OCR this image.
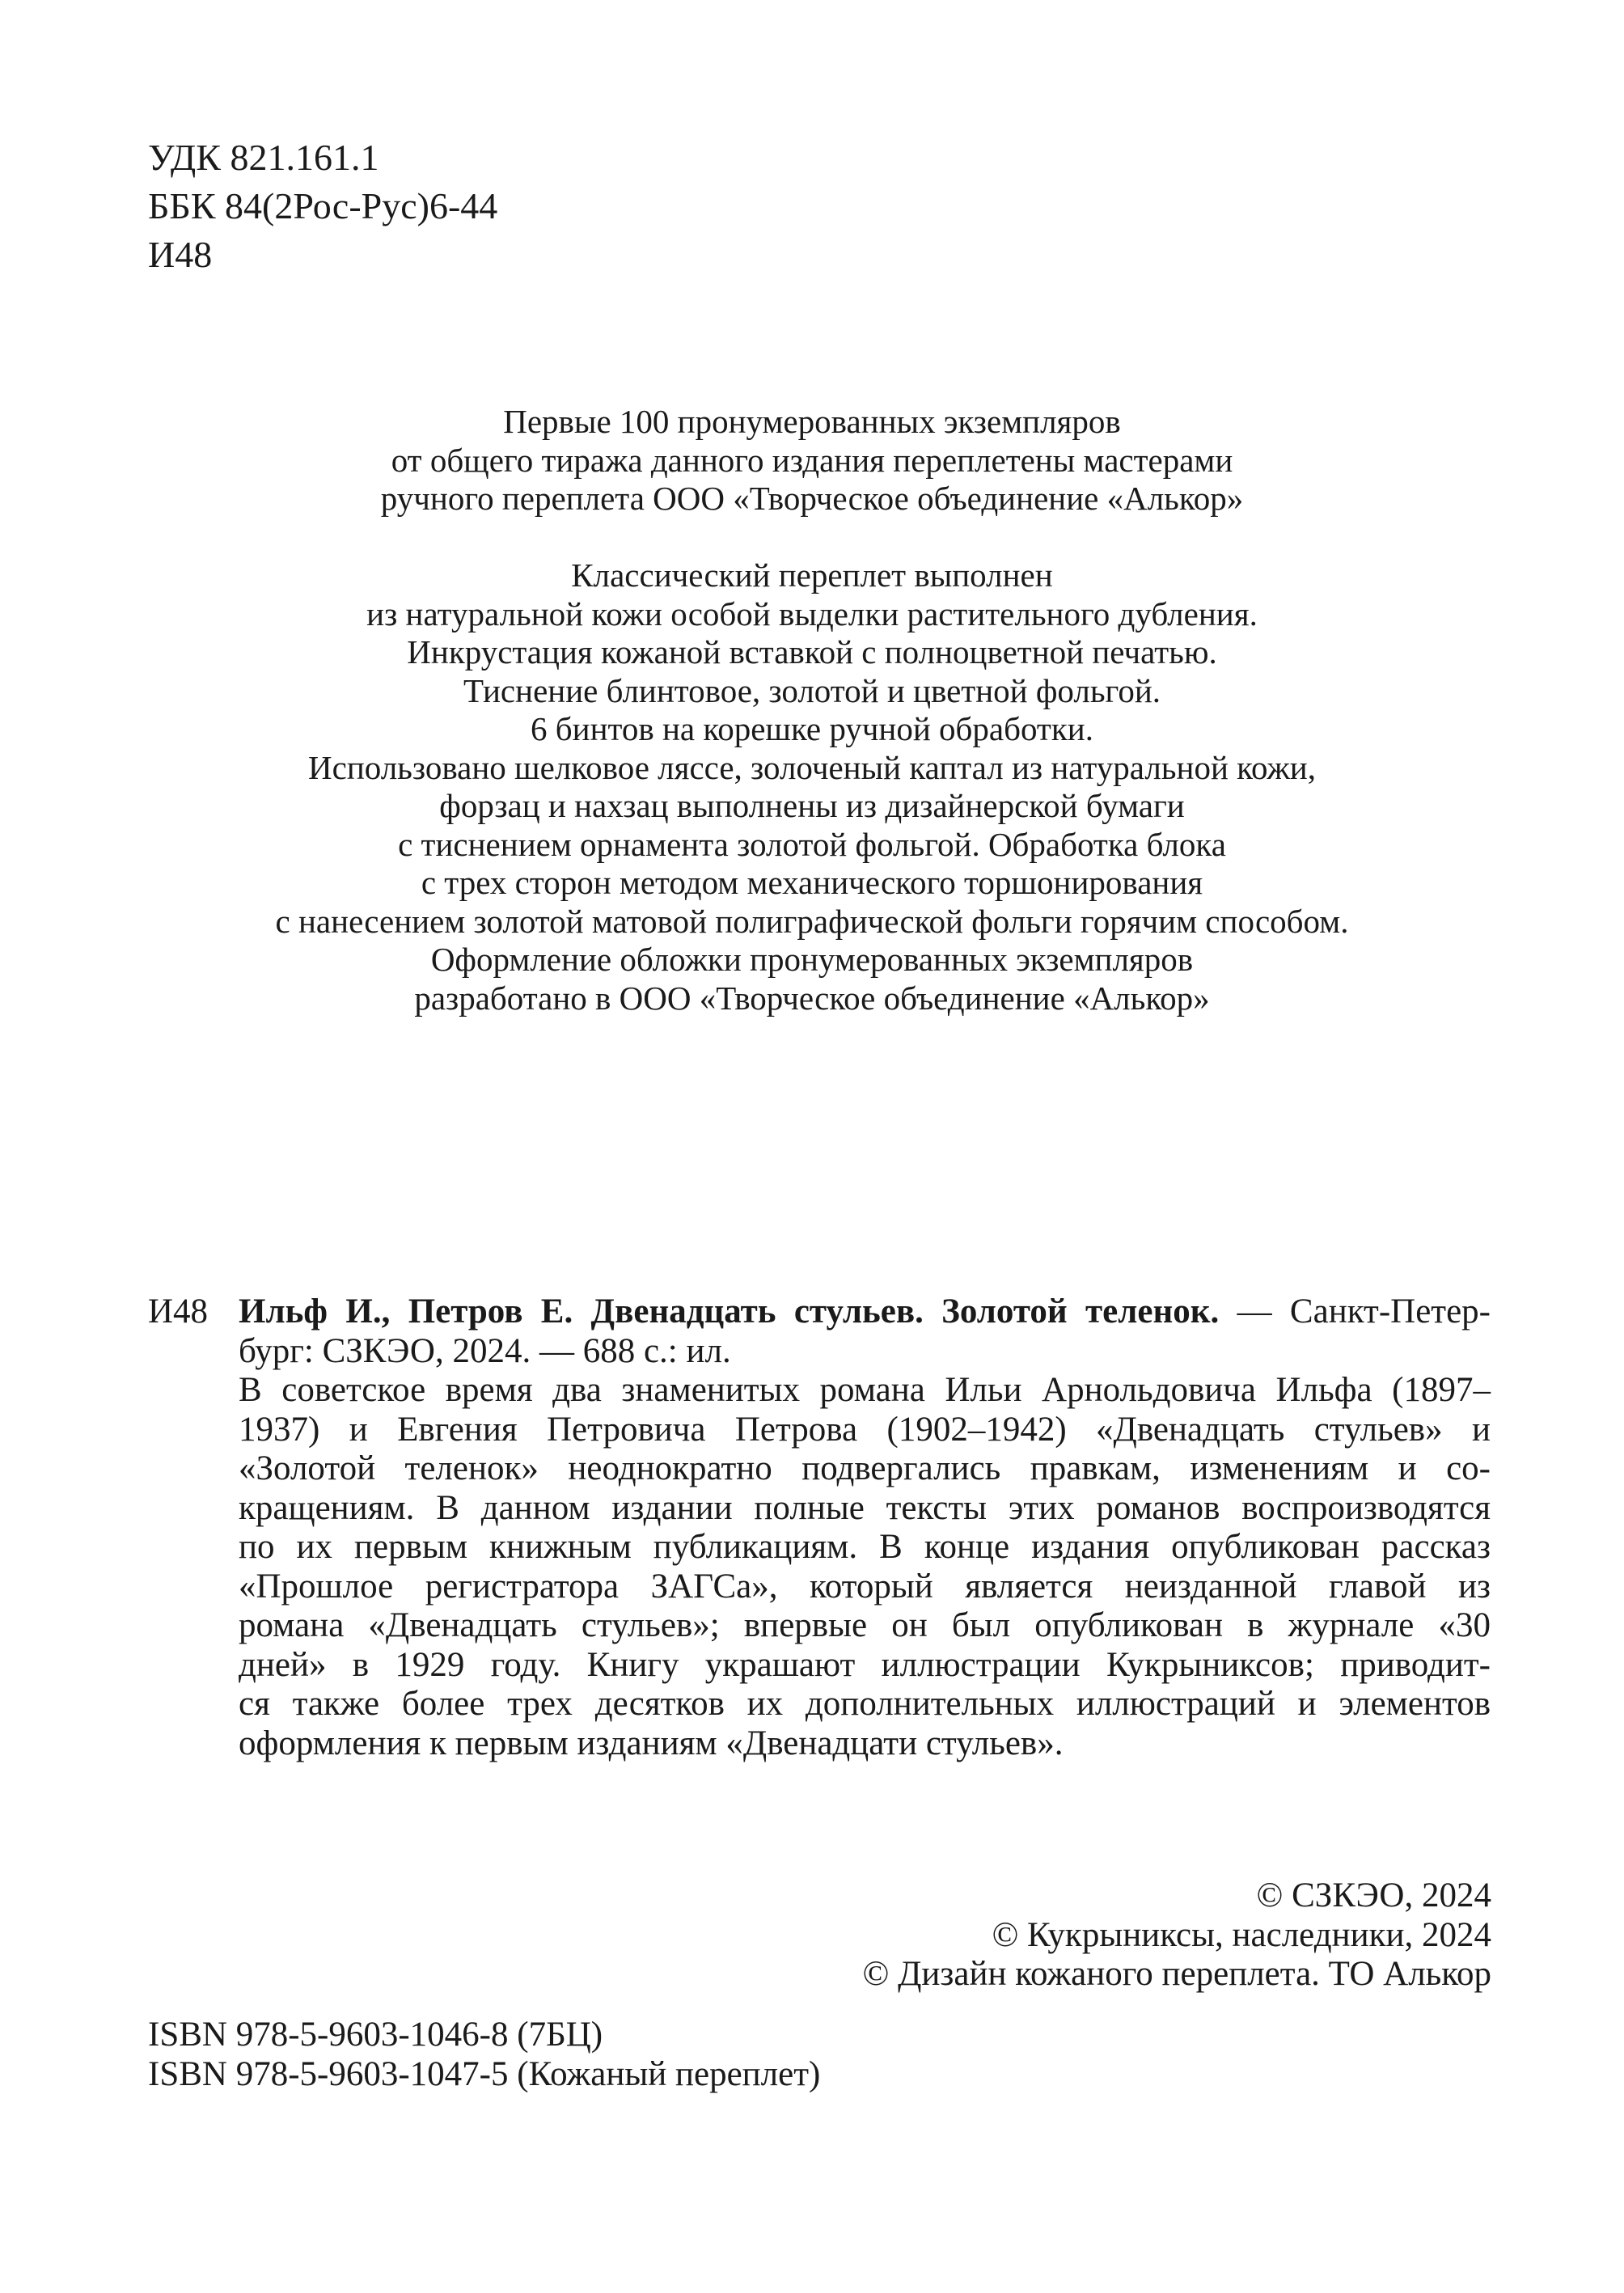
УДК 821.161.1
ББК 84(2Рос-Рус)6-44
И48
Первые 100 пронумерованных экземпляров
от общего тиража данного издания переплетены мастерами
ручного переплета ООО «Творческое объединение «Алькор»
Классический переплет выполнен
из натуральной кожи особой выделки растительного дубления.
Инкрустация кожаной вставкой с полноцветной печатью.
Тиснение блинтовое, золотой и цветной фольгой.
6 бинтов на корешке ручной обработки.
Использовано шелковое ляссе, золоченый каптал из натуральной кожи,
форзац и нахзац выполнены из дизайнерской бумаги
с тиснением орнамента золотой фольгой. Обработка блока
с трех сторон методом механического торшонирования
с нанесением золотой матовой полиграфической фольги горячим способом.
Оформление обложки пронумерованных экземпляров
разработано в ООО «Творческое объединение «Алькор»
И48 Ильф И., Петров Е. Двенадцать стульев. Золотой теленок. — Санкт-Петер-
бург: СЗКЭО, 2024. — 688 с.: ил.
В советское время два знаменитых романа Ильи Арнольдовича Ильфа (1897–
1937) и Евгения Петровича Петрова (1902–1942) «Двенадцать стульев» и
«Золотой теленок» неоднократно подвергались правкам, изменениям и со-
кращениям. В данном издании полные тексты этих романов воспроизводятся
по их первым книжным публикациям. В конце издания опубликован рассказ
«Прошлое регистратора ЗАГСа», который является неизданной главой из
романа «Двенадцать стульев»; впервые он был опубликован в журнале «30
дней» в 1929 году. Книгу украшают иллюстрации Кукрыниксов; приводит-
ся также более трех десятков их дополнительных иллюстраций и элементов
оформления к первым изданиям «Двенадцати стульев».
© СЗКЭО, 2024
© Кукрыниксы, наследники, 2024
© Дизайн кожаного переплета. ТО Алькор
ISBN 978-5-9603-1046-8 (7БЦ)
ISBN 978-5-9603-1047-5 (Кожаный переплет)
